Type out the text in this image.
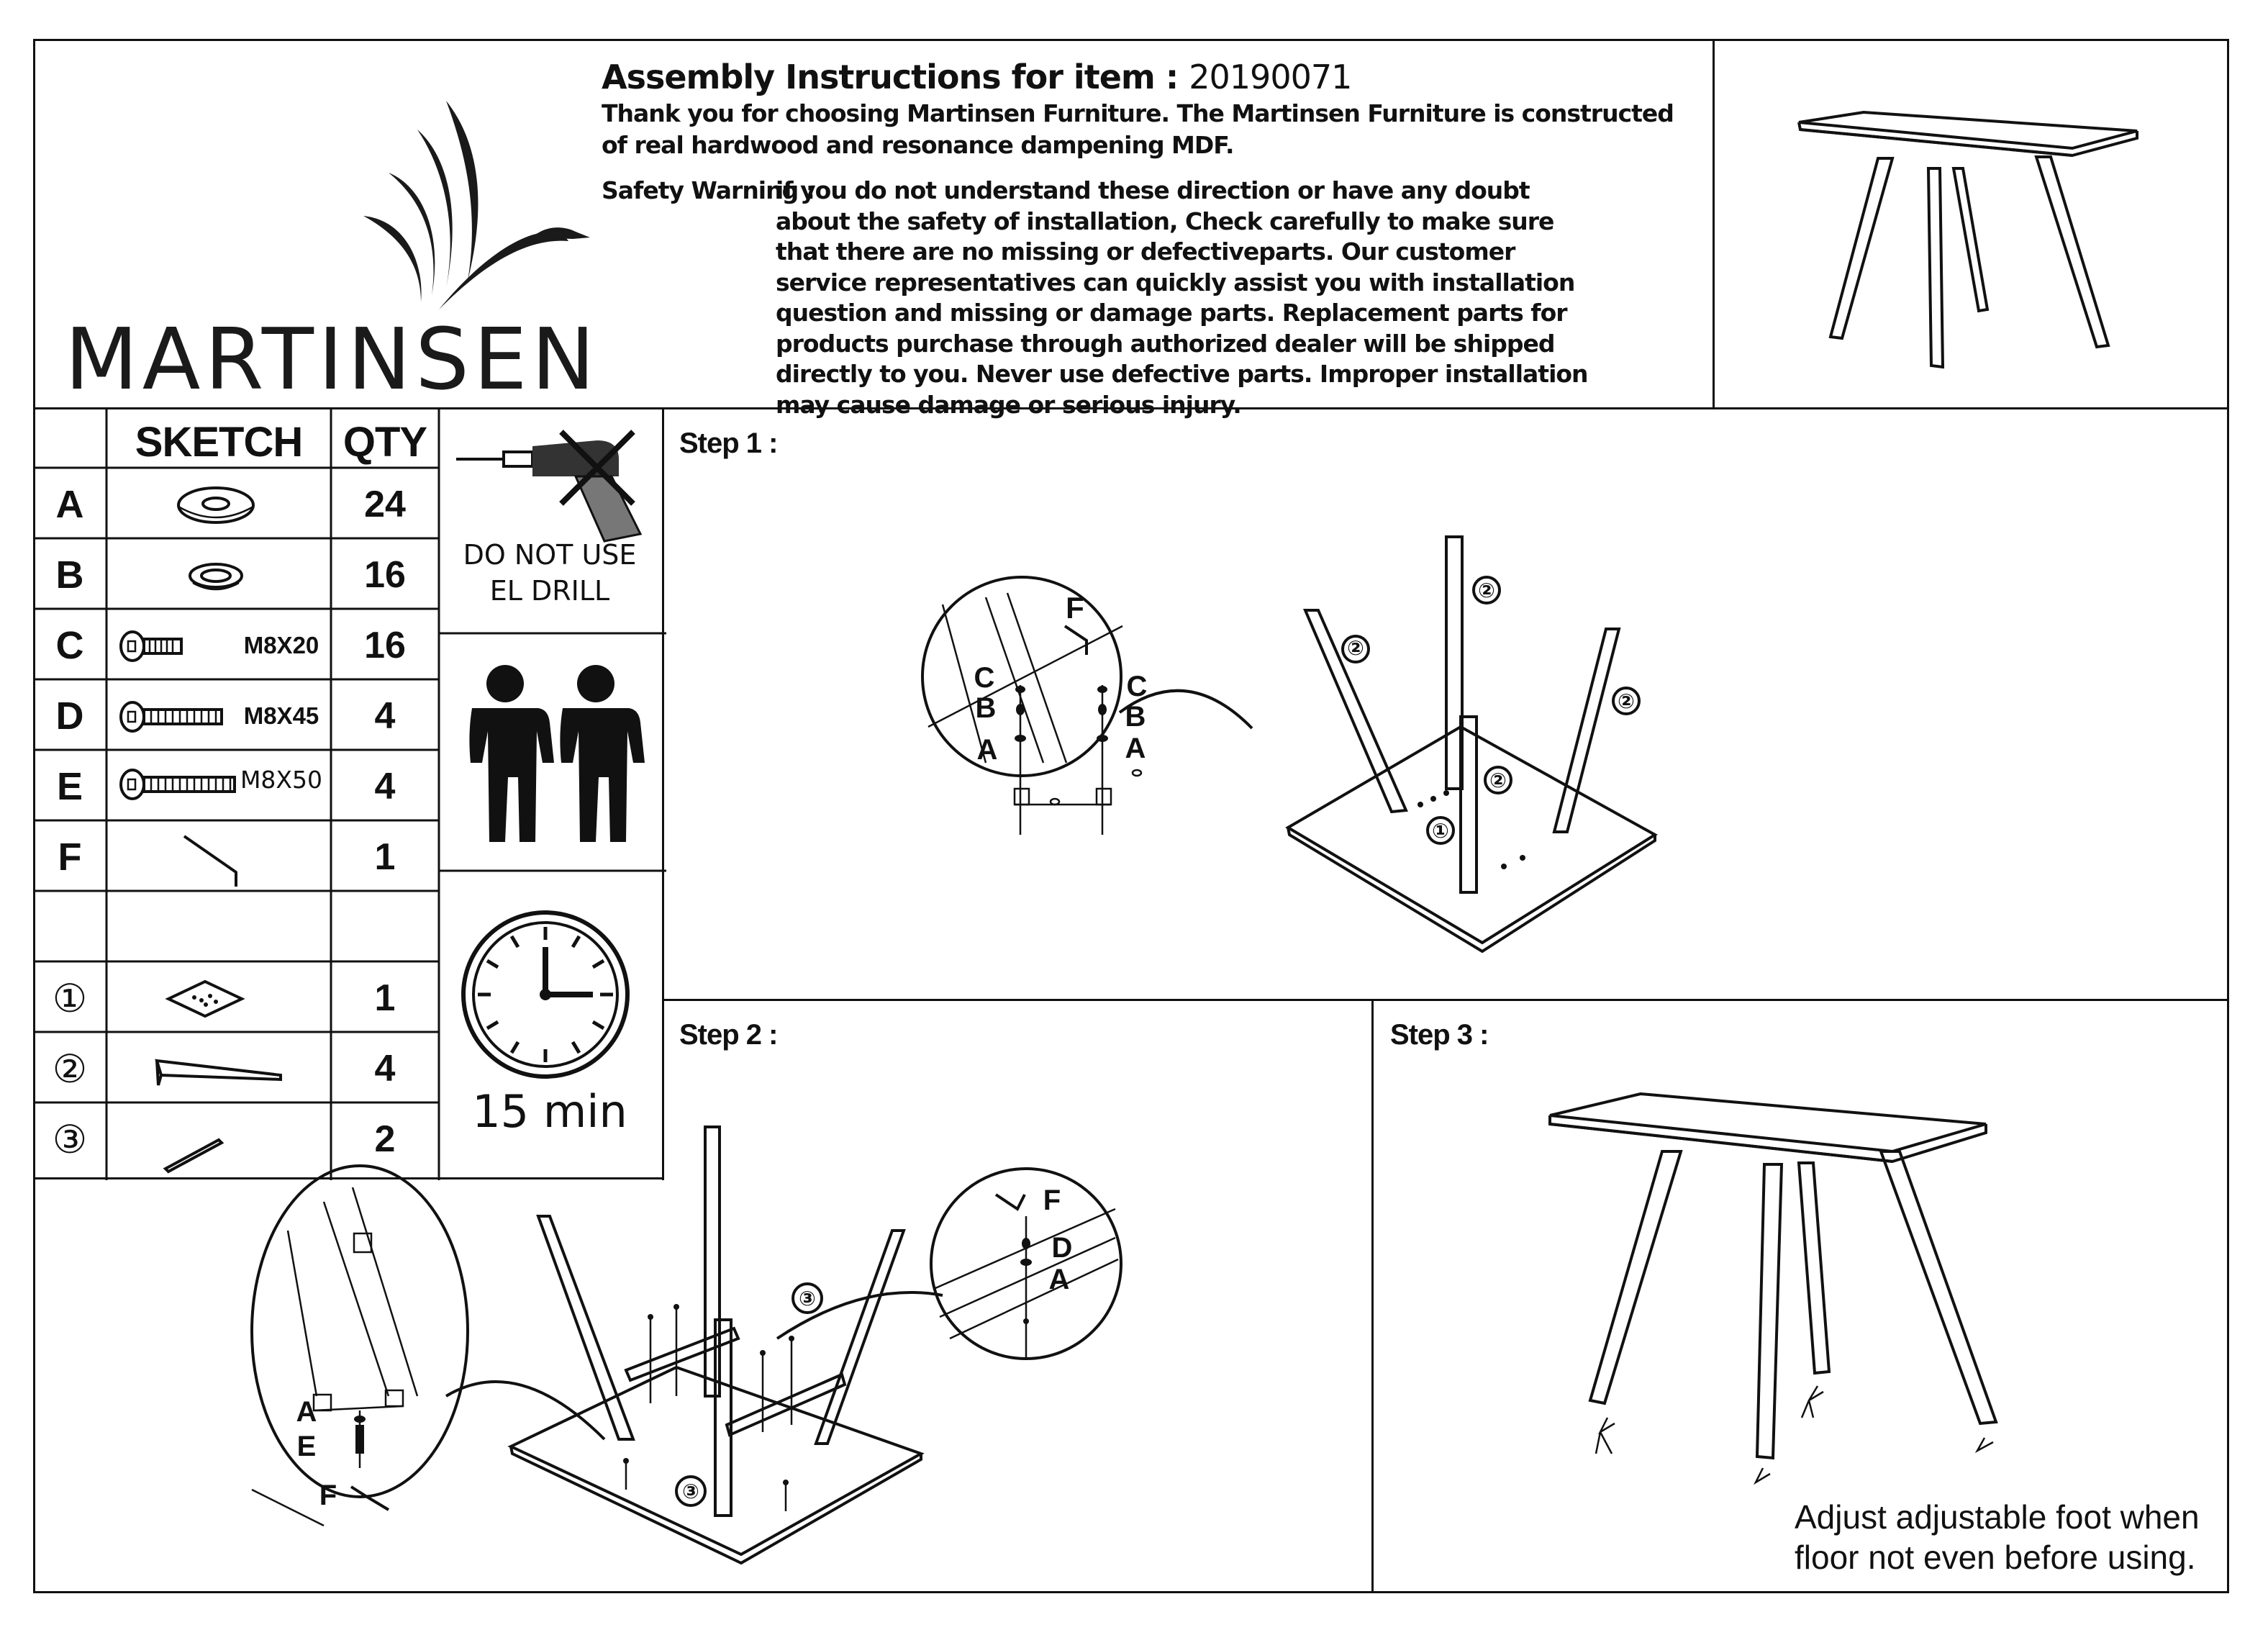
MARTINSEN
Assembly Instructions for item : 20190071
Thank you for choosing Martinsen Furniture. The Martinsen Furniture is constructed of real hardwood and resonance dampening MDF.
Safety Warning :
if you do not understand these direction or have any doubt about the safety of installation, Check carefully to make sure that there are no missing or defectiveparts. Our customer service representatives can quickly assist you with installation question and missing or damage parts. Replacement parts for products purchase through authorized dealer will be shipped directly to you. Never use defective parts. Improper installation may cause damage or serious injury.
SKETCH QTY
A	24
B	16
C	M8X20	16
D	M8X45	4
E	M8X50	4
F	1
①	1
②	4
③	2
DO NOT USE
EL DRILL
15 min
Step 1 :
F
C
B
A
C
B
A
②
②
②
②
①
Step 2 :
A
E
F
F
D
A
③
③
Step 3 :
Adjust adjustable foot when
floor not even before using.
